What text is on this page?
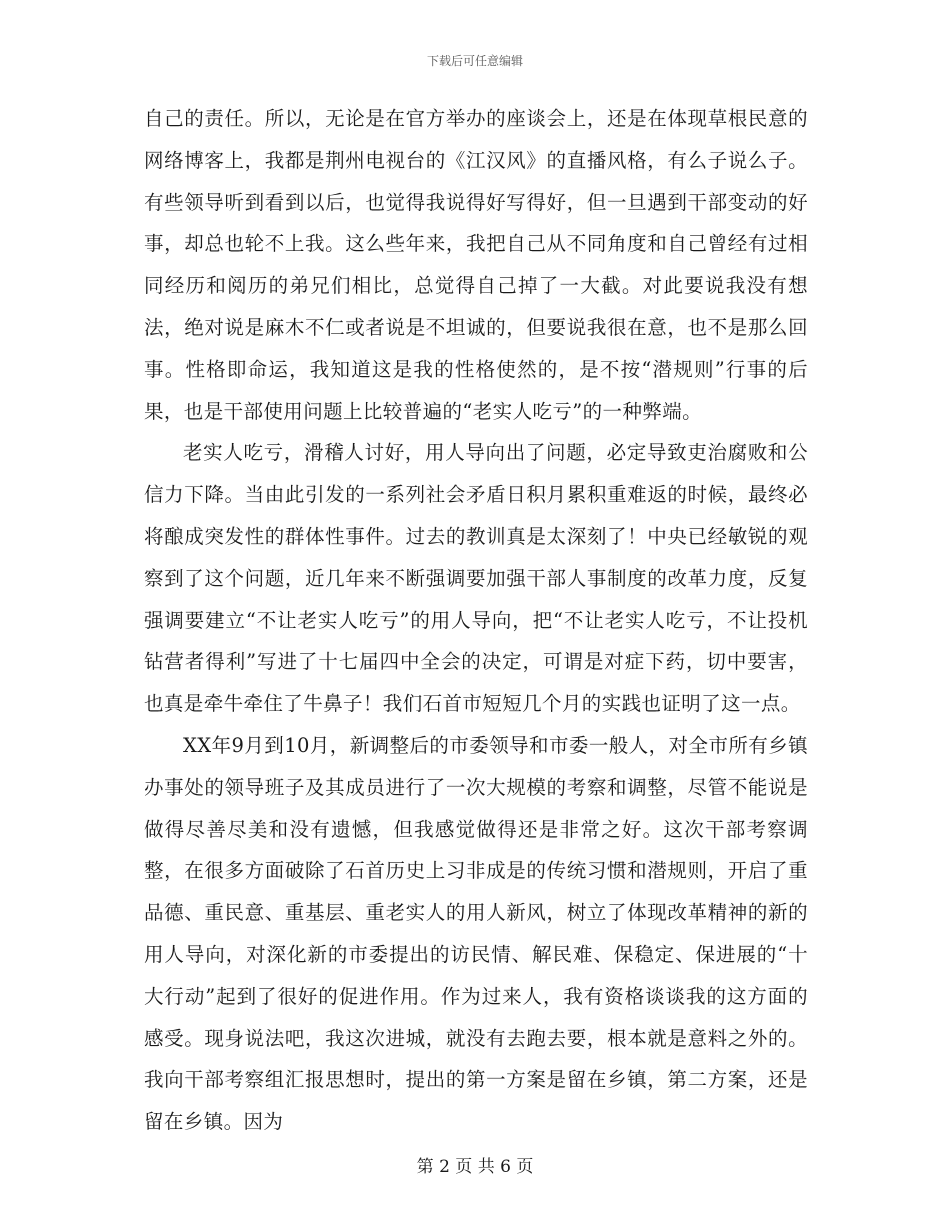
下载后可任意编辑

自己的责任。所以，无论是在官方举办的座谈会上，还是在体现草根民意的网络博客上，我都是荆州电视台的《江汉风》的直播风格，有么子说么子。有些领导听到看到以后，也觉得我说得好写得好，但一旦遇到干部变动的好事，却总也轮不上我。这么些年来，我把自己从不同角度和自己曾经有过相同经历和阅历的弟兄们相比，总觉得自己掉了一大截。对此要说我没有想法，绝对说是麻木不仁或者说是不坦诚的，但要说我很在意，也不是那么回事。性格即命运，我知道这是我的性格使然的，是不按“潜规则”行事的后果，也是干部使用问题上比较普遍的“老实人吃亏”的一种弊端。

老实人吃亏，滑稽人讨好，用人导向出了问题，必定导致吏治腐败和公信力下降。当由此引发的一系列社会矛盾日积月累积重难返的时候，最终必将酿成突发性的群体性事件。过去的教训真是太深刻了！中央已经敏锐的观察到了这个问题，近几年来不断强调要加强干部人事制度的改革力度，反复强调要建立“不让老实人吃亏”的用人导向，把“不让老实人吃亏，不让投机钻营者得利”写进了十七届四中全会的决定，可谓是对症下药，切中要害，也真是牵牛牵住了牛鼻子！我们石首市短短几个月的实践也证明了这一点。

XX年9月到10月，新调整后的市委领导和市委一般人，对全市所有乡镇办事处的领导班子及其成员进行了一次大规模的考察和调整，尽管不能说是做得尽善尽美和没有遗憾，但我感觉做得还是非常之好。这次干部考察调整，在很多方面破除了石首历史上习非成是的传统习惯和潜规则，开启了重品德、重民意、重基层、重老实人的用人新风，树立了体现改革精神的新的用人导向，对深化新的市委提出的访民情、解民难、保稳定、保进展的“十大行动”起到了很好的促进作用。作为过来人，我有资格谈谈我的这方面的感受。现身说法吧，我这次进城，就没有去跑去要，根本就是意料之外的。我向干部考察组汇报思想时，提出的第一方案是留在乡镇，第二方案，还是留在乡镇。因为

第 2 页 共 6 页
